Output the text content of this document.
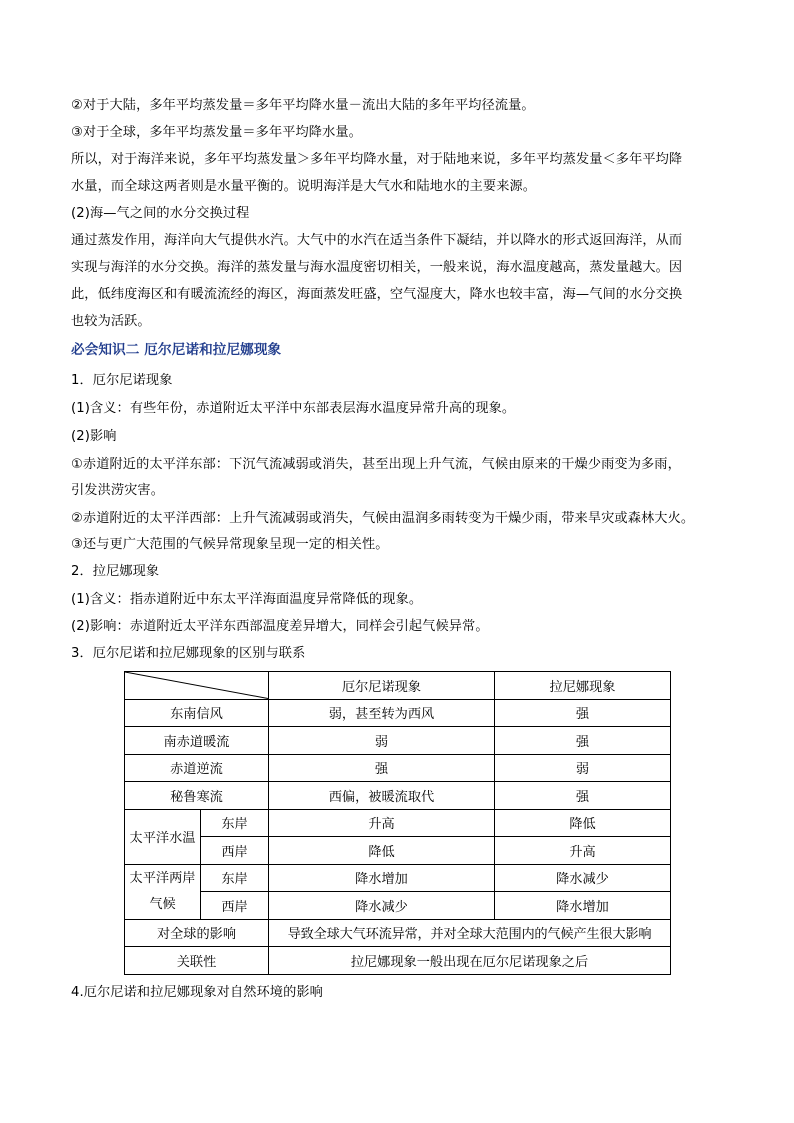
②对于大陆，多年平均蒸发量＝多年平均降水量－流出大陆的多年平均径流量。
③对于全球，多年平均蒸发量＝多年平均降水量。
所以，对于海洋来说，多年平均蒸发量＞多年平均降水量，对于陆地来说，多年平均蒸发量＜多年平均降
水量，而全球这两者则是水量平衡的。说明海洋是大气水和陆地水的主要来源。
(2)海—气之间的水分交换过程
通过蒸发作用，海洋向大气提供水汽。大气中的水汽在适当条件下凝结，并以降水的形式返回海洋，从而
实现与海洋的水分交换。海洋的蒸发量与海水温度密切相关，一般来说，海水温度越高，蒸发量越大。因
此，低纬度海区和有暖流流经的海区，海面蒸发旺盛，空气湿度大，降水也较丰富，海—气间的水分交换
也较为活跃。
必会知识二 厄尔尼诺和拉尼娜现象
1．厄尔尼诺现象
(1)含义：有些年份，赤道附近太平洋中东部表层海水温度异常升高的现象。
(2)影响
①赤道附近的太平洋东部：下沉气流减弱或消失，甚至出现上升气流，气候由原来的干燥少雨变为多雨，
引发洪涝灾害。
②赤道附近的太平洋西部：上升气流减弱或消失，气候由温润多雨转变为干燥少雨，带来旱灾或森林大火。
③还与更广大范围的气候异常现象呈现一定的相关性。
2．拉尼娜现象
(1)含义：指赤道附近中东太平洋海面温度异常降低的现象。
(2)影响：赤道附近太平洋东西部温度差异增大，同样会引起气候异常。
3．厄尔尼诺和拉尼娜现象的区别与联系
	厄尔尼诺现象	拉尼娜现象
东南信风		弱，甚至转为西风	强
南赤道暖流		弱	强
赤道逆流		强	弱
秘鲁寒流		西偏，被暖流取代	强
太平洋水温	东岸	升高	降低
	西岸	降低	升高
太平洋两岸
气候	东岸	降水增加	降水减少
	西岸	降水减少	降水增加
对全球的影响		导致全球大气环流异常，并对全球大范围内的气候产生很大影响	
关联性		拉尼娜现象一般出现在厄尔尼诺现象之后	
4.厄尔尼诺和拉尼娜现象对自然环境的影响
